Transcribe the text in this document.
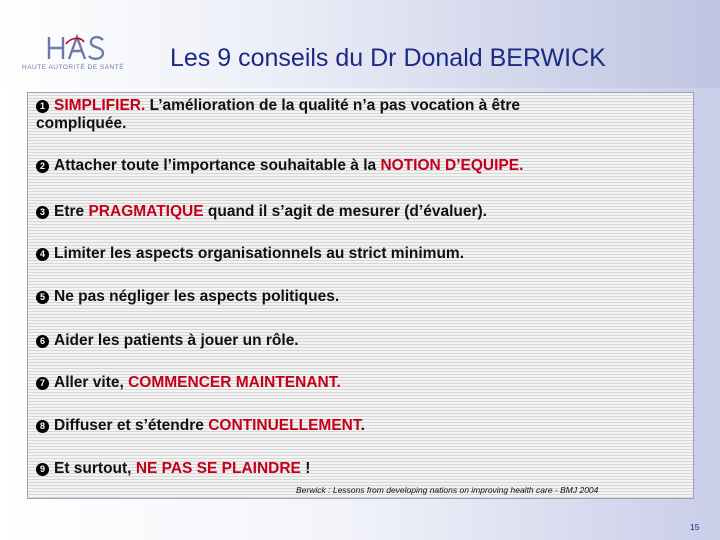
HAUTE AUTORITÉ DE SANTÉ	Les 9 conseils du Dr Donald BERWICK
1 SIMPLIFIER. L’amélioration de la qualité n’a pas vocation à être
compliquée.
2 Attacher toute l’importance souhaitable à la NOTION D’EQUIPE.
3 Etre PRAGMATIQUE quand il s’agit de mesurer (d’évaluer).
4 Limiter les aspects organisationnels au strict minimum.
5 Ne pas négliger les aspects politiques.
6 Aider les patients à jouer un rôle.
7 Aller vite, COMMENCER MAINTENANT.
8 Diffuser et s’étendre CONTINUELLEMENT.
9 Et surtout, NE PAS SE PLAINDRE !
Berwick : Lessons from developing nations on improving health care - BMJ 2004
15
